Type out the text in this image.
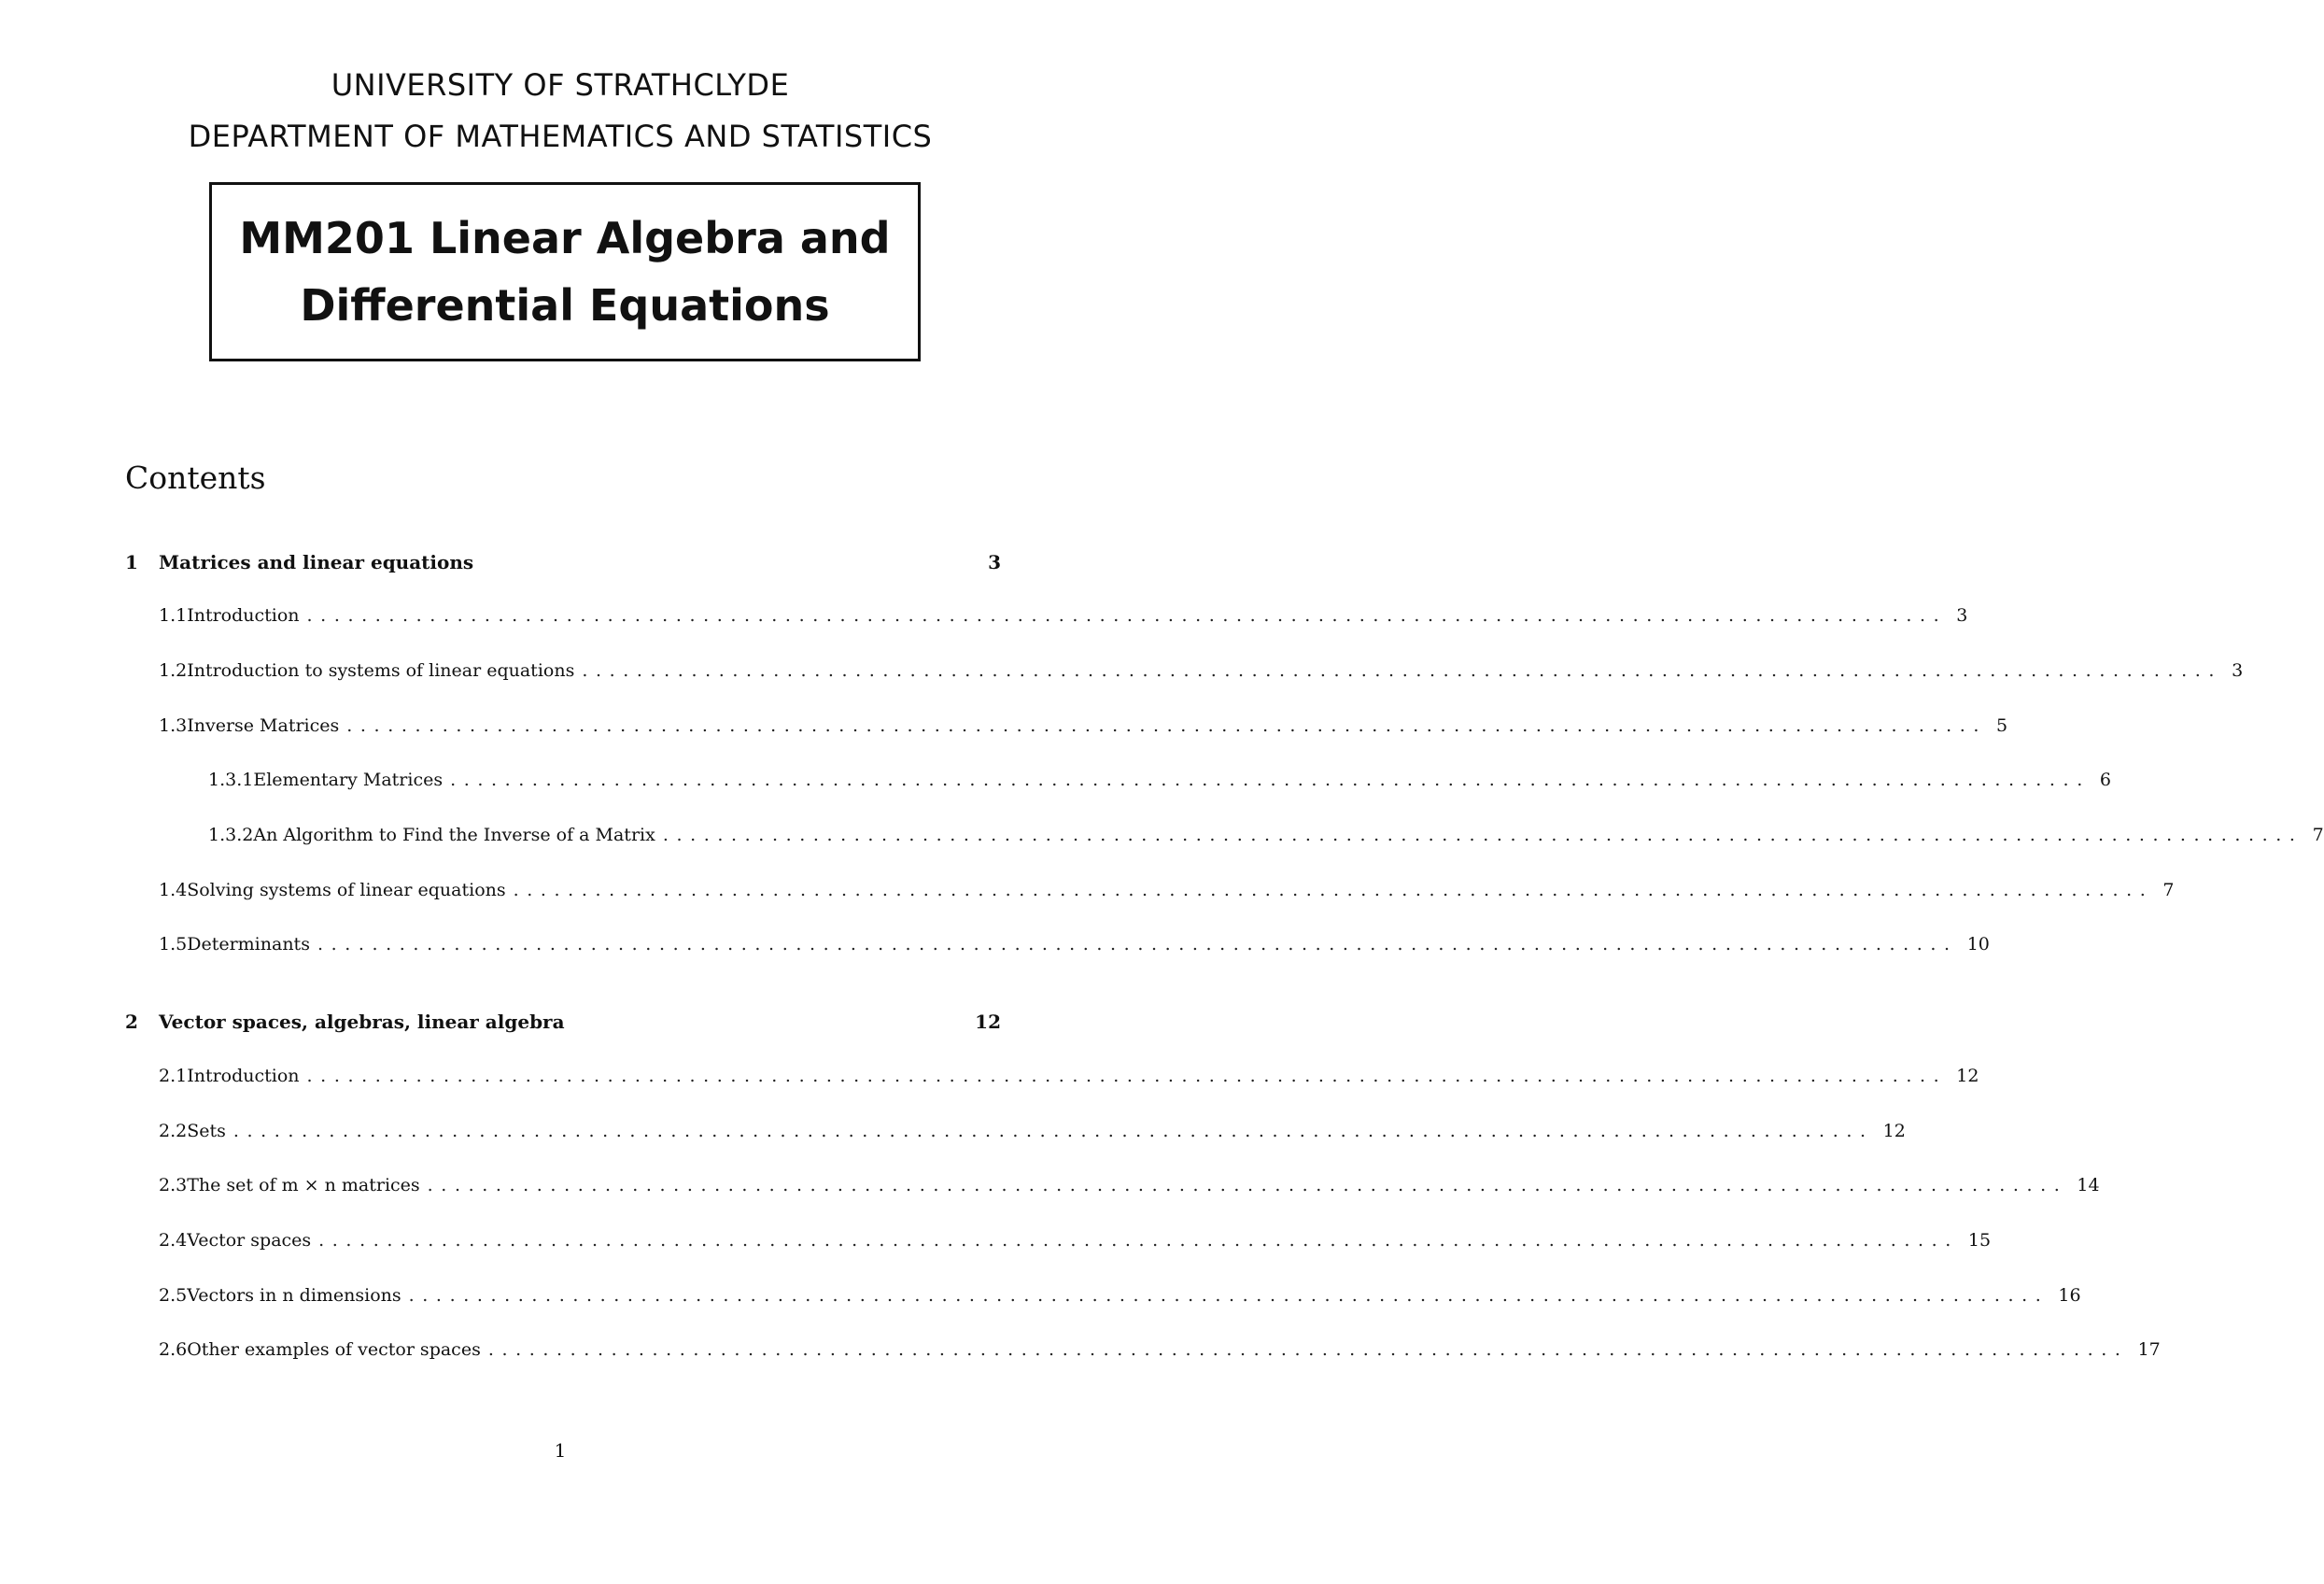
UNIVERSITY OF STRATHCLYDE
DEPARTMENT OF MATHEMATICS AND STATISTICS
MM201 Linear Algebra and
Differential Equations
Contents
1	Matrices and linear equations	3
1.1 Introduction ........................................................................................................................ 3
1.2 Introduction to systems of linear equations ........................................................................................................................ 3
1.3 Inverse Matrices ........................................................................................................................ 5
1.3.1 Elementary Matrices ........................................................................................................................ 6
1.3.2 An Algorithm to Find the Inverse of a Matrix ........................................................................................................................ 7
1.4 Solving systems of linear equations ........................................................................................................................ 7
1.5 Determinants ........................................................................................................................ 10
2	Vector spaces, algebras, linear algebra	12
2.1 Introduction ........................................................................................................................ 12
2.2 Sets ........................................................................................................................ 12
2.3 The set of m × n matrices ........................................................................................................................ 14
2.4 Vector spaces ........................................................................................................................ 15
2.5 Vectors in n dimensions ........................................................................................................................ 16
2.6 Other examples of vector spaces ........................................................................................................................ 17
1
